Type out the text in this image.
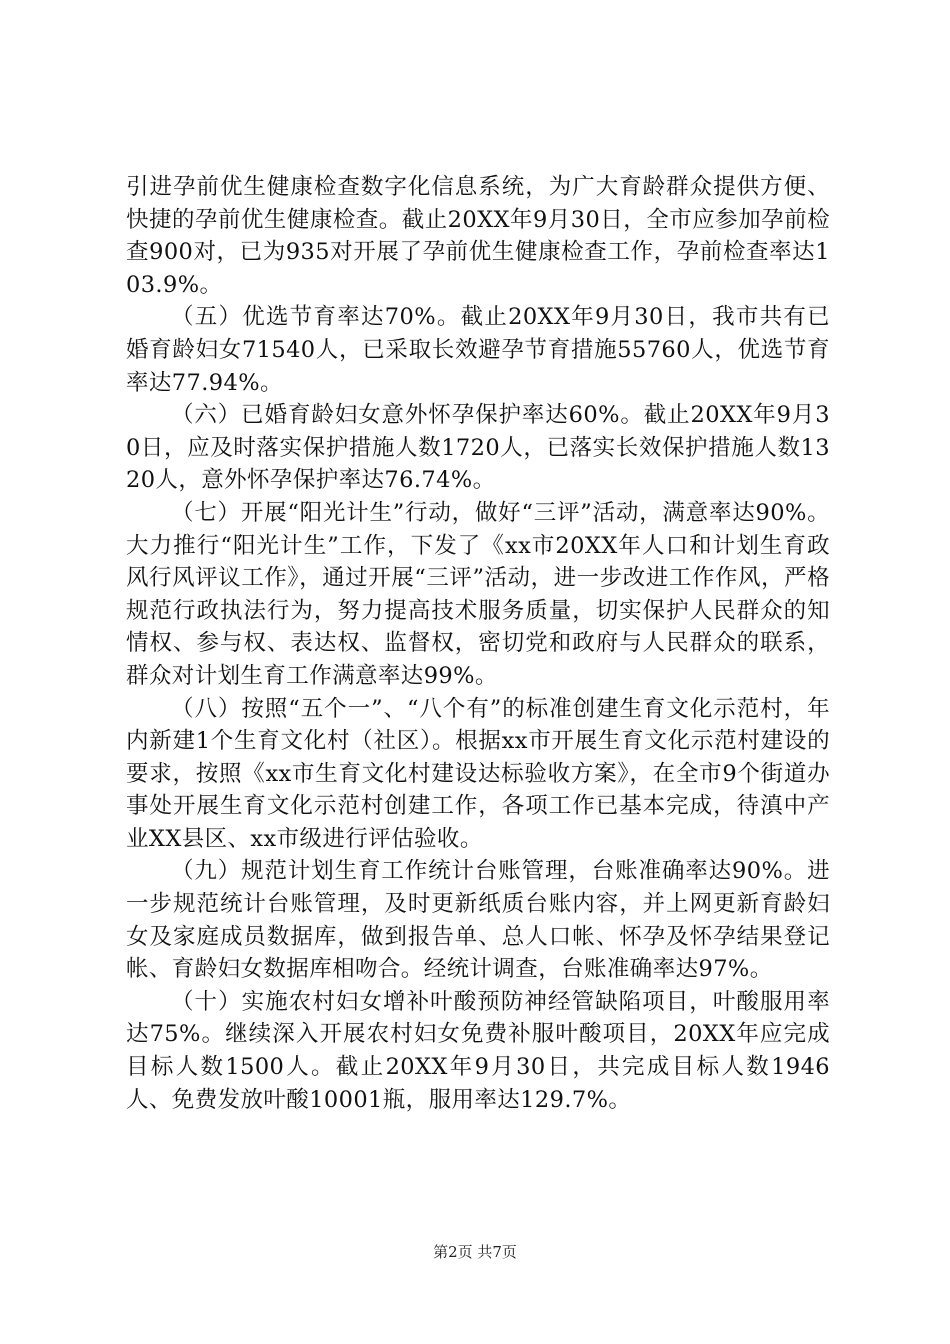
引进孕前优生健康检查数字化信息系统，为广大育龄群众提供方便、快捷的孕前优生健康检查。截止20XX年9月30日，全市应参加孕前检查900对，已为935对开展了孕前优生健康检查工作，孕前检查率达103.9%。

（五）优选节育率达70%。截止20XX年9月30日，我市共有已婚育龄妇女71540人，已采取长效避孕节育措施55760人，优选节育率达77.94%。

（六）已婚育龄妇女意外怀孕保护率达60%。截止20XX年9月30日，应及时落实保护措施人数1720人，已落实长效保护措施人数1320人，意外怀孕保护率达76.74%。

（七）开展“阳光计生”行动，做好“三评”活动，满意率达90%。大力推行“阳光计生”工作，下发了《xx市20XX年人口和计划生育政风行风评议工作》，通过开展“三评”活动，进一步改进工作作风，严格规范行政执法行为，努力提高技术服务质量，切实保护人民群众的知情权、参与权、表达权、监督权，密切党和政府与人民群众的联系，群众对计划生育工作满意率达99%。

（八）按照“五个一”、“八个有”的标准创建生育文化示范村，年内新建1个生育文化村（社区）。根据xx市开展生育文化示范村建设的要求，按照《xx市生育文化村建设达标验收方案》，在全市9个街道办事处开展生育文化示范村创建工作，各项工作已基本完成，待滇中产业XX县区、xx市级进行评估验收。

（九）规范计划生育工作统计台账管理，台账准确率达90%。进一步规范统计台账管理，及时更新纸质台账内容，并上网更新育龄妇女及家庭成员数据库，做到报告单、总人口帐、怀孕及怀孕结果登记帐、育龄妇女数据库相吻合。经统计调查，台账准确率达97%。

（十）实施农村妇女增补叶酸预防神经管缺陷项目，叶酸服用率达75%。继续深入开展农村妇女免费补服叶酸项目，20XX年应完成目标人数1500人。截止20XX年9月30日，共完成目标人数1946人、免费发放叶酸10001瓶，服用率达129.7%。

第2页 共7页
